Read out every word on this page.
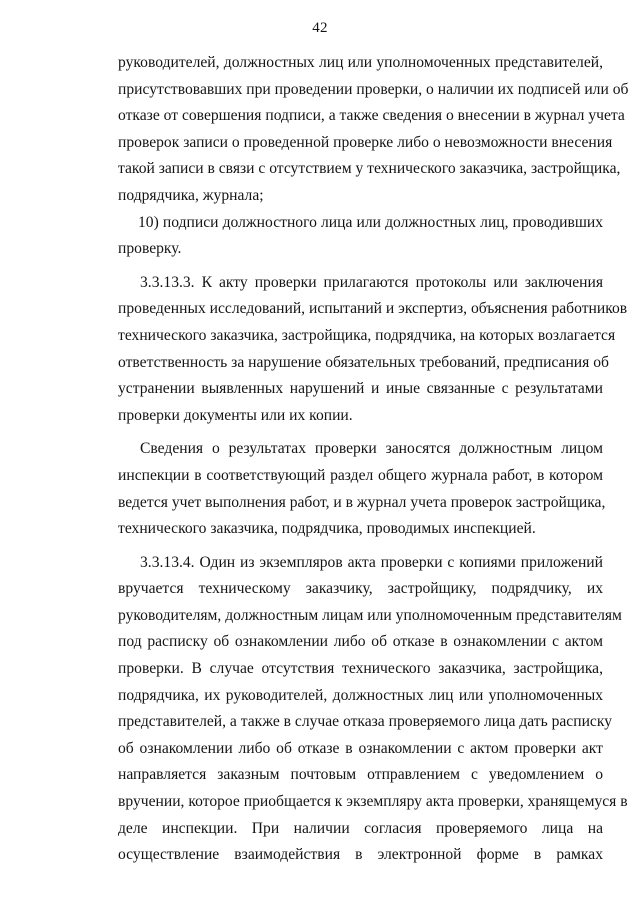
42
руководителей, должностных лиц или уполномоченных представителей,
присутствовавших при проведении проверки, о наличии их подписей или об
отказе от совершения подписи, а также сведения о внесении в журнал учета
проверок записи о проведенной проверке либо о невозможности внесения
такой записи в связи с отсутствием у технического заказчика, застройщика,
подрядчика, журнала;
10) подписи должностного лица или должностных лиц, проводивших
проверку.
3.3.13.3. К акту проверки прилагаются протоколы или заключения
проведенных исследований, испытаний и экспертиз, объяснения работников
технического заказчика, застройщика, подрядчика, на которых возлагается
ответственность за нарушение обязательных требований, предписания об
устранении выявленных нарушений и иные связанные с результатами
проверки документы или их копии.
Сведения о результатах проверки заносятся должностным лицом
инспекции в соответствующий раздел общего журнала работ, в котором
ведется учет выполнения работ, и в журнал учета проверок застройщика,
технического заказчика, подрядчика, проводимых инспекцией.
3.3.13.4. Один из экземпляров акта проверки с копиями приложений
вручается техническому заказчику, застройщику, подрядчику, их
руководителям, должностным лицам или уполномоченным представителям
под расписку об ознакомлении либо об отказе в ознакомлении с актом
проверки. В случае отсутствия технического заказчика, застройщика,
подрядчика, их руководителей, должностных лиц или уполномоченных
представителей, а также в случае отказа проверяемого лица дать расписку
об ознакомлении либо об отказе в ознакомлении с актом проверки акт
направляется заказным почтовым отправлением с уведомлением о
вручении, которое приобщается к экземпляру акта проверки, хранящемуся в
деле инспекции. При наличии согласия проверяемого лица на
осуществление взаимодействия в электронной форме в рамках
